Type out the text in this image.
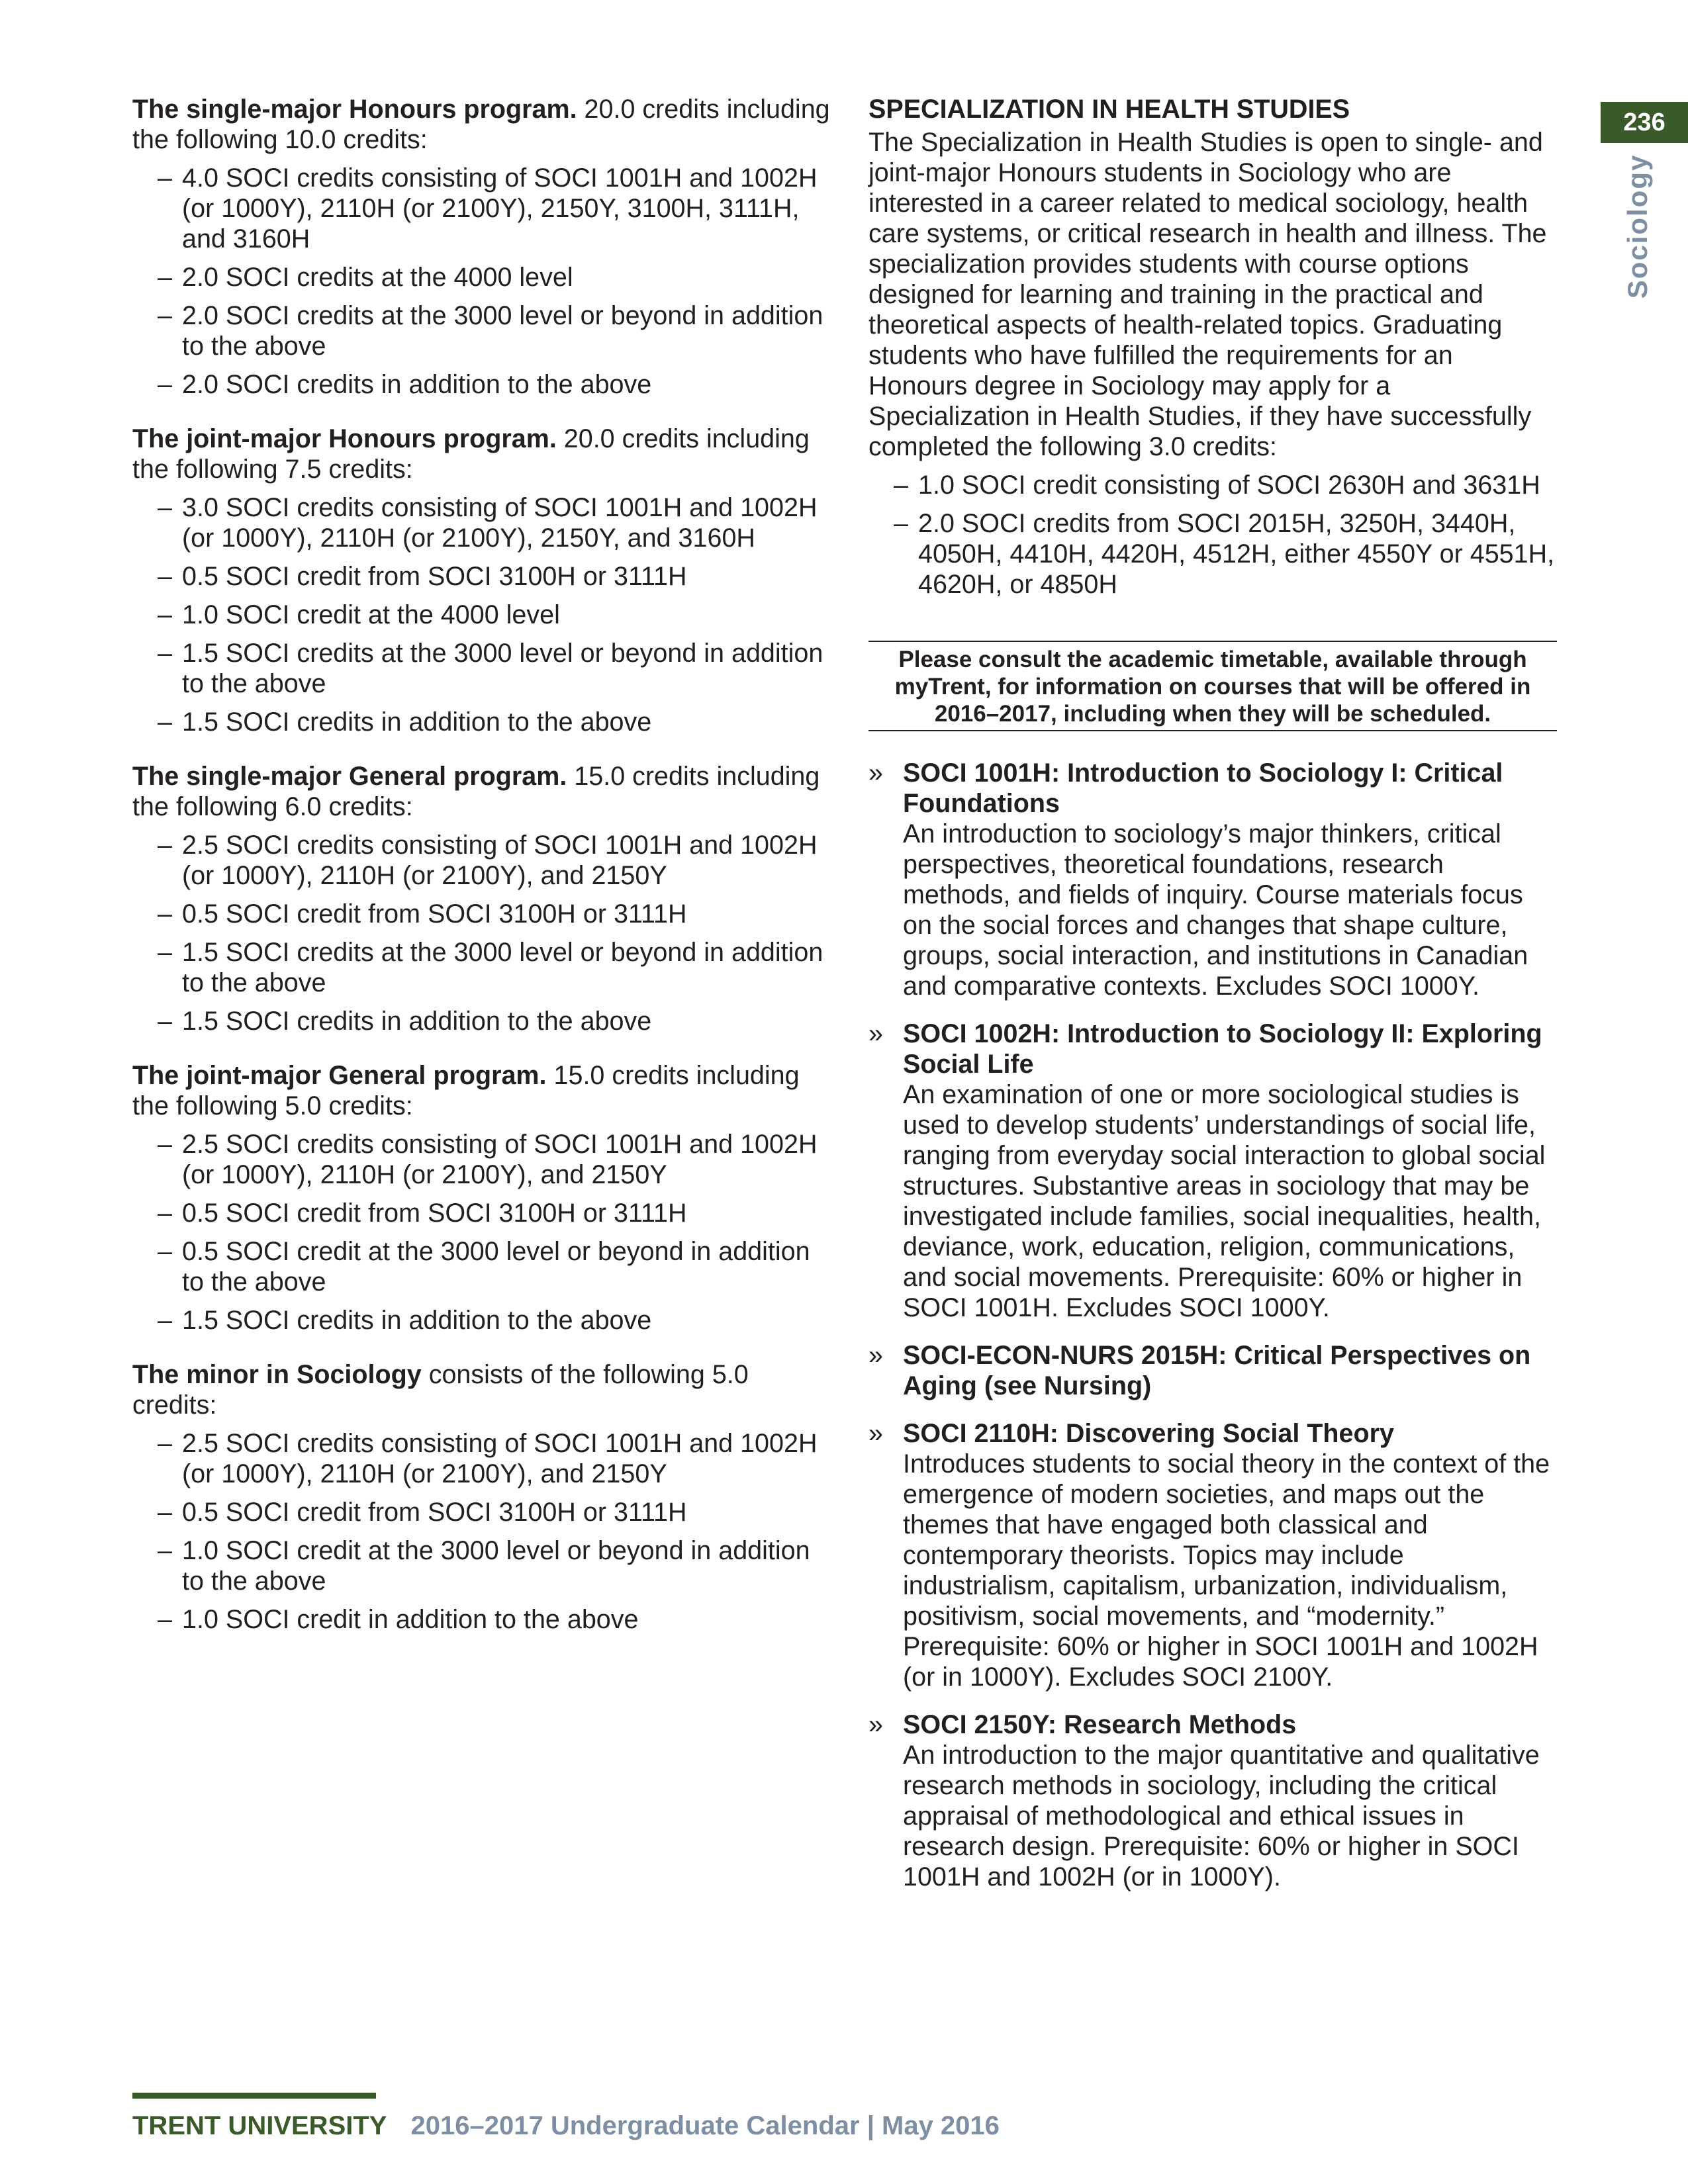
236
Sociology
The single-major Honours program. 20.0 credits including the following 10.0 credits:
– 4.0 SOCI credits consisting of SOCI 1001H and 1002H (or 1000Y), 2110H (or 2100Y), 2150Y, 3100H, 3111H, and 3160H
– 2.0 SOCI credits at the 4000 level
– 2.0 SOCI credits at the 3000 level or beyond in addition to the above
– 2.0 SOCI credits in addition to the above
The joint-major Honours program. 20.0 credits including the following 7.5 credits:
– 3.0 SOCI credits consisting of SOCI 1001H and 1002H (or 1000Y), 2110H (or 2100Y), 2150Y, and 3160H
– 0.5 SOCI credit from SOCI 3100H or 3111H
– 1.0 SOCI credit at the 4000 level
– 1.5 SOCI credits at the 3000 level or beyond in addition to the above
– 1.5 SOCI credits in addition to the above
The single-major General program. 15.0 credits including the following 6.0 credits:
– 2.5 SOCI credits consisting of SOCI 1001H and 1002H (or 1000Y), 2110H (or 2100Y), and 2150Y
– 0.5 SOCI credit from SOCI 3100H or 3111H
– 1.5 SOCI credits at the 3000 level or beyond in addition to the above
– 1.5 SOCI credits in addition to the above
The joint-major General program. 15.0 credits including the following 5.0 credits:
– 2.5 SOCI credits consisting of SOCI 1001H and 1002H (or 1000Y), 2110H (or 2100Y), and 2150Y
– 0.5 SOCI credit from SOCI 3100H or 3111H
– 0.5 SOCI credit at the 3000 level or beyond in addition to the above
– 1.5 SOCI credits in addition to the above
The minor in Sociology consists of the following 5.0 credits:
– 2.5 SOCI credits consisting of SOCI 1001H and 1002H (or 1000Y), 2110H (or 2100Y), and 2150Y
– 0.5 SOCI credit from SOCI 3100H or 3111H
– 1.0 SOCI credit at the 3000 level or beyond in addition to the above
– 1.0 SOCI credit in addition to the above
SPECIALIZATION IN HEALTH STUDIES
The Specialization in Health Studies is open to single- and joint-major Honours students in Sociology who are interested in a career related to medical sociology, health care systems, or critical research in health and illness. The specialization provides students with course options designed for learning and training in the practical and theoretical aspects of health-related topics. Graduating students who have fulfilled the requirements for an Honours degree in Sociology may apply for a Specialization in Health Studies, if they have successfully completed the following 3.0 credits:
– 1.0 SOCI credit consisting of SOCI 2630H and 3631H
– 2.0 SOCI credits from SOCI 2015H, 3250H, 3440H, 4050H, 4410H, 4420H, 4512H, either 4550Y or 4551H, 4620H, or 4850H
Please consult the academic timetable, available through myTrent, for information on courses that will be offered in 2016–2017, including when they will be scheduled.
» SOCI 1001H: Introduction to Sociology I: Critical Foundations
An introduction to sociology’s major thinkers, critical perspectives, theoretical foundations, research methods, and fields of inquiry. Course materials focus on the social forces and changes that shape culture, groups, social interaction, and institutions in Canadian and comparative contexts. Excludes SOCI 1000Y.
» SOCI 1002H: Introduction to Sociology II: Exploring Social Life
An examination of one or more sociological studies is used to develop students’ understandings of social life, ranging from everyday social interaction to global social structures. Substantive areas in sociology that may be investigated include families, social inequalities, health, deviance, work, education, religion, communications, and social movements. Prerequisite: 60% or higher in SOCI 1001H. Excludes SOCI 1000Y.
» SOCI-ECON-NURS 2015H: Critical Perspectives on Aging (see Nursing)
» SOCI 2110H: Discovering Social Theory
Introduces students to social theory in the context of the emergence of modern societies, and maps out the themes that have engaged both classical and contemporary theorists. Topics may include industrialism, capitalism, urbanization, individualism, positivism, social movements, and “modernity.” Prerequisite: 60% or higher in SOCI 1001H and 1002H (or in 1000Y). Excludes SOCI 2100Y.
» SOCI 2150Y: Research Methods
An introduction to the major quantitative and qualitative research methods in sociology, including the critical appraisal of methodological and ethical issues in research design. Prerequisite: 60% or higher in SOCI 1001H and 1002H (or in 1000Y).
TRENT UNIVERSITY 2016–2017 Undergraduate Calendar | May 2016
